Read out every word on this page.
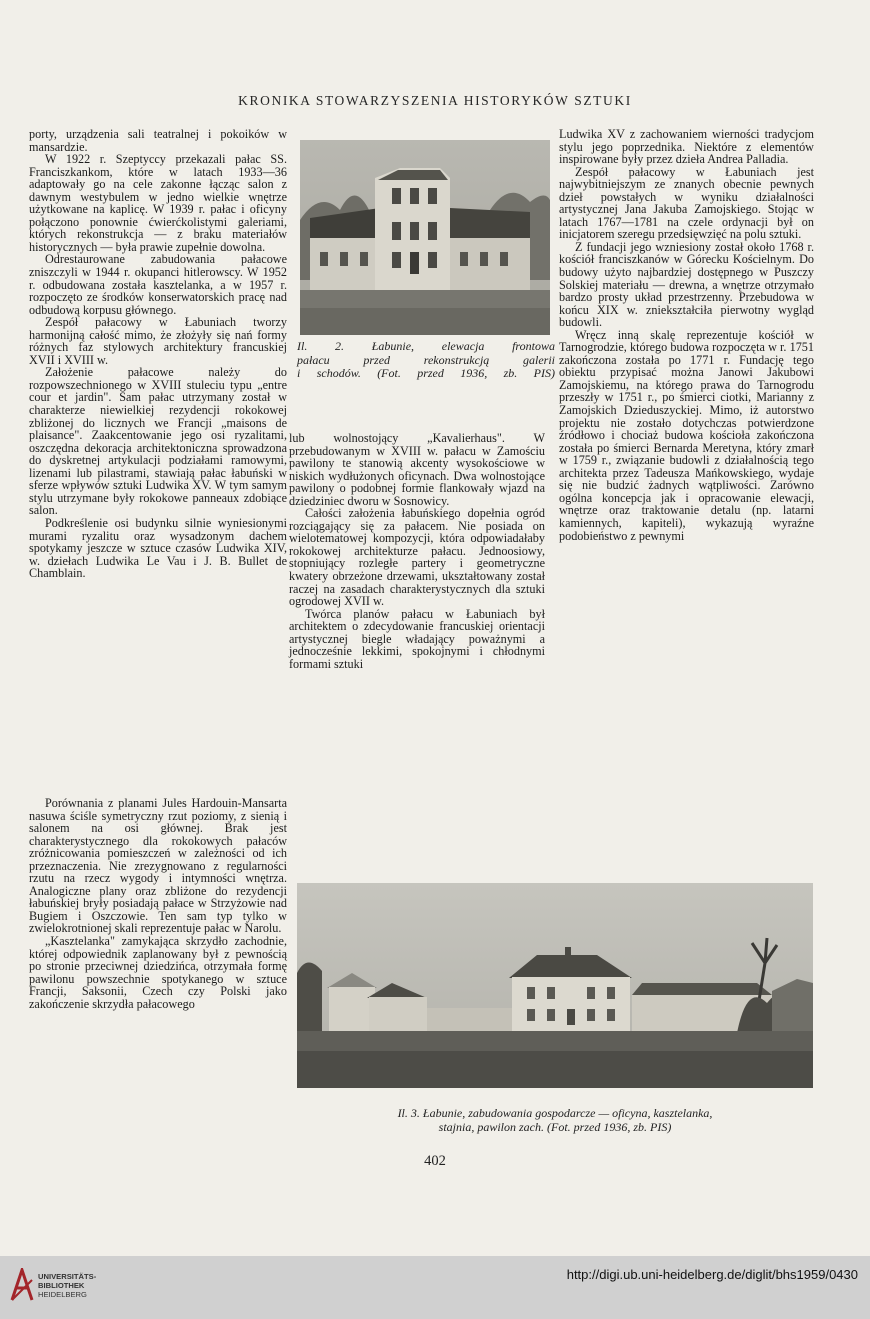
KRONIKA STOWARZYSZENIA HISTORYKÓW SZTUKI

porty, urządzenia sali teatralnej i pokoików w mansardzie.

W 1922 r. Szeptyccy przekazali pałac SS. Franciszkankom, które w latach 1933—36 adaptowały go na cele zakonne łącząc salon z dawnym westybulem w jedno wielkie wnętrze użytkowane na kaplicę. W 1939 r. pałac i oficyny połączono ponownie ćwierćkolistymi galeriami, których rekonstrukcja — z braku materiałów historycznych — była prawie zupełnie dowolna.

Odrestaurowane zabudowania pałacowe zniszczyli w 1944 r. okupanci hitlerowscy. W 1952 r. odbudowana została kasztelanka, a w 1957 r. rozpoczęto ze środków konserwatorskich pracę nad odbudową korpusu głównego.

Zespół pałacowy w Łabuniach tworzy harmonijną całość mimo, że złożyły się nań formy różnych faz stylowych architektury francuskiej XVII i XVIII w.

Założenie pałacowe należy do rozpowszechnionego w XVIII stuleciu typu „entre cour et jardin". Sam pałac utrzymany został w charakterze niewielkiej rezydencji rokokowej zbliżonej do licznych we Francji „maisons de plaisance". Zaakcentowanie jego osi ryzalitami, oszczędna dekoracja architektoniczna sprowadzona do dyskretnej artykulacji podziałami ramowymi, lizenami lub pilastrami, stawiają pałac łabuński w sferze wpływów sztuki Ludwika XV. W tym samym stylu utrzymane były rokokowe panneaux zdobiące salon.

Podkreślenie osi budynku silnie wyniesionymi murami ryzalitu oraz wysadzonym dachem spotykamy jeszcze w sztuce czasów Ludwika XIV, w. dziełach Ludwika Le Vau i J. B. Bullet de Chamblain.

Il. 2. Łabunie, elewacja frontowa
pałacu przed rekonstrukcją galerii
i schodów. (Fot. przed 1936, zb. PIS)

lub wolnostojący „Kavalierhaus". W przebudowanym w XVIII w. pałacu w Zamościu pawilony te stanowią akcenty wysokościowe w niskich wydłużonych oficynach. Dwa wolnostojące pawilony o podobnej formie flankowały wjazd na dziedziniec dworu w Sosnowicy.

Całości założenia łabuńskiego dopełnia ogród rozciągający się za pałacem. Nie posiada on wielotematowej kompozycji, która odpowiadałaby rokokowej architekturze pałacu. Jednoosiowy, stopniujący rozległe partery i geometryczne kwatery obrzeżone drzewami, ukształtowany został raczej na zasadach charakterystycznych dla sztuki ogrodowej XVII w.

Twórca planów pałacu w Łabuniach był architektem o zdecydowanie francuskiej orientacji artystycznej biegle władający poważnymi a jednocześnie lekkimi, spokojnymi i chłodnymi formami sztuki

Ludwika XV z zachowaniem wierności tradycjom stylu jego poprzednika. Niektóre z elementów inspirowane były przez dzieła Andrea Palladia.

Zespół pałacowy w Łabuniach jest najwybitniejszym ze znanych obecnie pewnych dzieł powstałych w wyniku działalności artystycznej Jana Jakuba Zamojskiego. Stojąc w latach 1767—1781 na czele ordynacji był on inicjatorem szeregu przedsięwzięć na polu sztuki.

Z fundacji jego wzniesiony został około 1768 r. kościół franciszkanów w Górecku Kościelnym. Do budowy użyto najbardziej dostępnego w Puszczy Solskiej materiału — drewna, a wnętrze otrzymało bardzo prosty układ przestrzenny. Przebudowa w końcu XIX w. zniekształciła pierwotny wygląd budowli.

Wręcz inną skalę reprezentuje kościół w Tarnogrodzie, którego budowa rozpoczęta w r. 1751 zakończona została po 1771 r. Fundację tego obiektu przypisać można Janowi Jakubowi Zamojskiemu, na którego prawa do Tarnogrodu przeszły w 1751 r., po śmierci ciotki, Marianny z Zamojskich Dzieduszyckiej. Mimo, iż autorstwo projektu nie zostało dotychczas potwierdzone źródłowo i chociaż budowa kościoła zakończona została po śmierci Bernarda Meretyna, który zmarł w 1759 r., związanie budowli z działalnością tego architekta przez Tadeusza Mańkowskiego, wydaje się nie budzić żadnych wątpliwości. Zarówno ogólna koncepcja jak i opracowanie elewacji, wnętrze oraz traktowanie detalu (np. latarni kamiennych, kapiteli), wykazują wyraźne podobieństwo z pewnymi

Porównania z planami Jules Hardouin-Mansarta nasuwa ściśle symetryczny rzut poziomy, z sienią i salonem na osi głównej. Brak jest charakterystycznego dla rokokowych pałaców zróżnicowania pomieszczeń w zależności od ich przeznaczenia. Nie zrezygnowano z regularności rzutu na rzecz wygody i intymności wnętrza. Analogiczne plany oraz zbliżone do rezydencji łabuńskiej bryły posiadają pałace w Strzyżowie nad Bugiem i Oszczowie. Ten sam typ tylko w zwielokrotnionej skali reprezentuje pałac w Narolu.

„Kasztelanka" zamykająca skrzydło zachodnie, której odpowiednik zaplanowany był z pewnością po stronie przeciwnej dziedzińca, otrzymała formę pawilonu powszechnie spotykanego w sztuce Francji, Saksonii, Czech czy Polski jako zakończenie skrzydła pałacowego

Il. 3. Łabunie, zabudowania gospodarcze — oficyna, kasztelanka,
stajnia, pawilon zach. (Fot. przed 1936, zb. PIS)
402
UNIVERSITÄTS-
BIBLIOTHEK
HEIDELBERG
http://digi.ub.uni-heidelberg.de/diglit/bhs1959/0430
